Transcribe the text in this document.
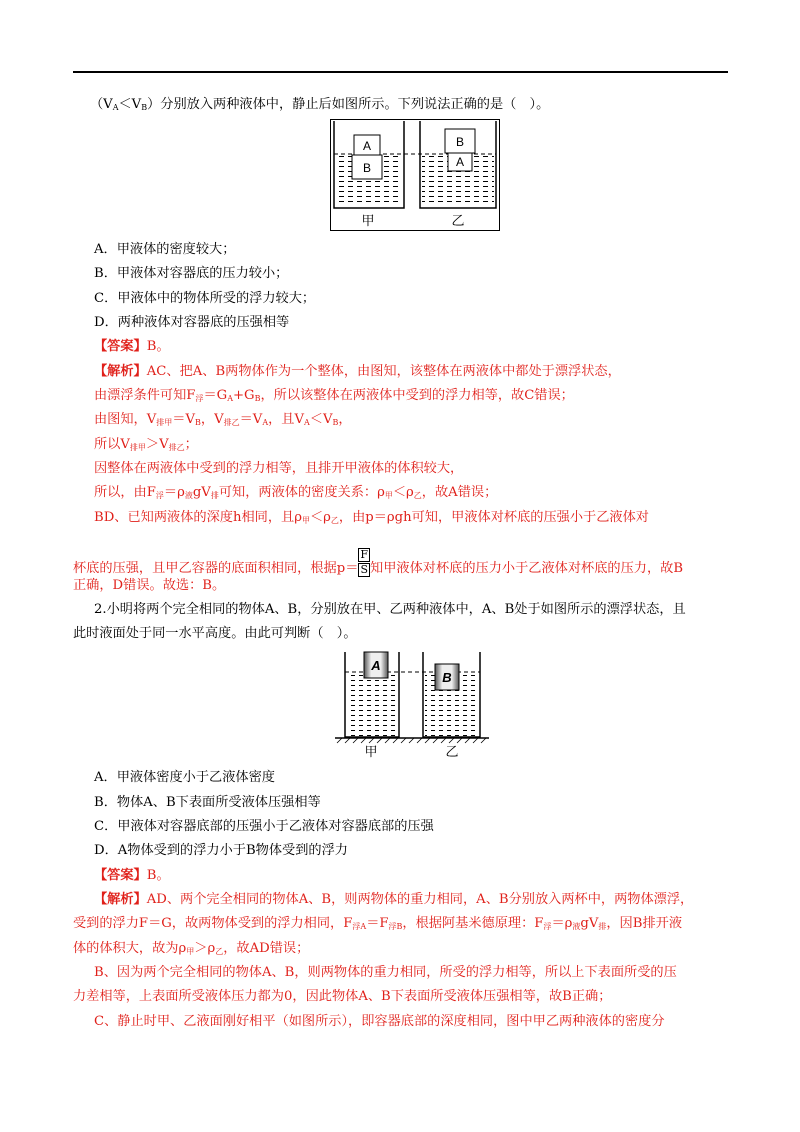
$(V_A<V_B)$分别放入两种液体中，静止后如图所示。下列说法正确的是（　）。
A
B
B
A
甲	乙
A．甲液体的密度较大；
B．甲液体对容器底的压力较小；
C．甲液体中的物体所受的浮力较大；
D．两种液体对容器底的压强相等
【答案】B。
【解析】AC、把A、B两物体作为一个整体，由图知，该整体在两液体中都处于漂浮状态，
由漂浮条件可知$F_浮=G_A+G_B$，所以该整体在两液体中受到的浮力相等，故C错误；
由图知，$V_{排甲}=V_B$，$V_{排乙}=V_A$，且$V_A<V_B$，
所以$V_{排甲}>V_{排乙}$；
因整体在两液体中受到的浮力相等，且排开甲液体的体积较大，
所以，由$F_浮=\rho_液gV_排$可知，两液体的密度关系：$\rho_甲<\rho_乙$，故A错误；
BD、已知两液体的深度h相同，且$\rho_甲<\rho_乙$，由p＝ρgh可知，甲液体对杯底的压强小于乙液体对
杯底的压强，且甲乙容器的底面积相同，根据$p= \frac{F}{S}$ 知甲液体对杯底的压力小于乙液体对杯底的压力，故B
正确，D错误。故选：B。
2.小明将两个完全相同的物体A、B，分别放在甲、乙两种液体中，A、B处于如图所示的漂浮状态，且
此时液面处于同一水平高度。由此可判断（　）。
A
B
甲	乙
A．甲液体密度小于乙液体密度
B．物体A、B下表面所受液体压强相等
C．甲液体对容器底部的压强小于乙液体对容器底部的压强
D．A物体受到的浮力小于B物体受到的浮力
【答案】B。
【解析】AD、两个完全相同的物体A、B，则两物体的重力相同，A、B分别放入两杯中，两物体漂浮，
受到的浮力F＝G，故两物体受到的浮力相同，$F_{浮A}=F_{浮B}$，根据阿基米德原理：$F_浮=\rho_液gV_排$，因B排开液
体的体积大，故为$\rho_甲>\rho_乙$，故AD错误；
B、因为两个完全相同的物体A、B，则两物体的重力相同，所受的浮力相等，所以上下表面所受的压
力差相等，上表面所受液体压力都为0，因此物体A、B下表面所受液体压强相等，故B正确；
C、静止时甲、乙液面刚好相平（如图所示），即容器底部的深度相同，图中甲乙两种液体的密度分
